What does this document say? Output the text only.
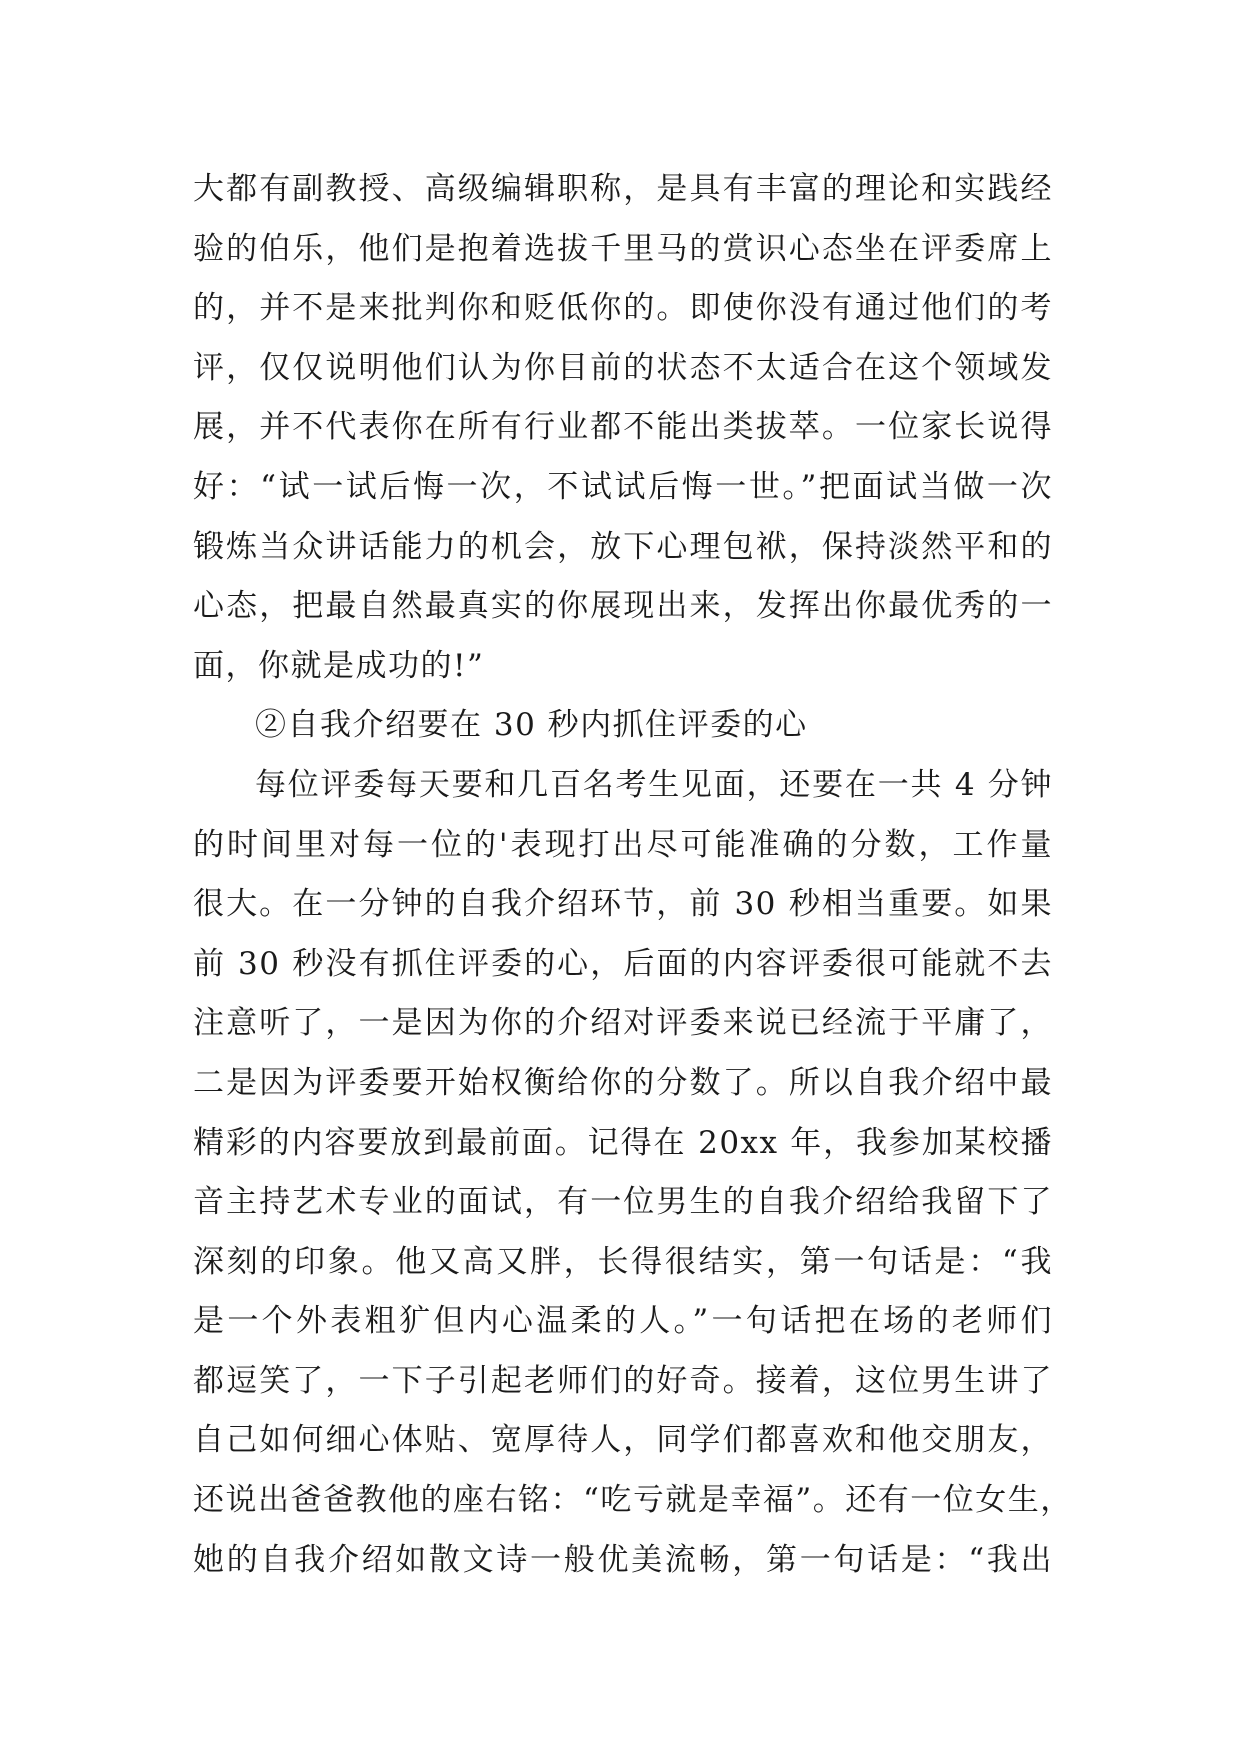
大都有副教授、高级编辑职称，是具有丰富的理论和实践经
验的伯乐，他们是抱着选拔千里马的赏识心态坐在评委席上
的，并不是来批判你和贬低你的。即使你没有通过他们的考
评，仅仅说明他们认为你目前的状态不太适合在这个领域发
展，并不代表你在所有行业都不能出类拔萃。一位家长说得
好：“试一试后悔一次，不试试后悔一世。”把面试当做一次
锻炼当众讲话能力的机会，放下心理包袱，保持淡然平和的
心态，把最自然最真实的你展现出来，发挥出你最优秀的一
面，你就是成功的!”
②自我介绍要在 30 秒内抓住评委的心
每位评委每天要和几百名考生见面，还要在一共 4 分钟
的时间里对每一位的'表现打出尽可能准确的分数，工作量
很大。在一分钟的自我介绍环节，前 30 秒相当重要。如果
前 30 秒没有抓住评委的心，后面的内容评委很可能就不去
注意听了，一是因为你的介绍对评委来说已经流于平庸了，
二是因为评委要开始权衡给你的分数了。所以自我介绍中最
精彩的内容要放到最前面。记得在 20xx 年，我参加某校播
音主持艺术专业的面试，有一位男生的自我介绍给我留下了
深刻的印象。他又高又胖，长得很结实，第一句话是：“我
是一个外表粗犷但内心温柔的人。”一句话把在场的老师们
都逗笑了，一下子引起老师们的好奇。接着，这位男生讲了
自己如何细心体贴、宽厚待人，同学们都喜欢和他交朋友，
还说出爸爸教他的座右铭：“吃亏就是幸福”。还有一位女生，
她的自我介绍如散文诗一般优美流畅，第一句话是：“我出
